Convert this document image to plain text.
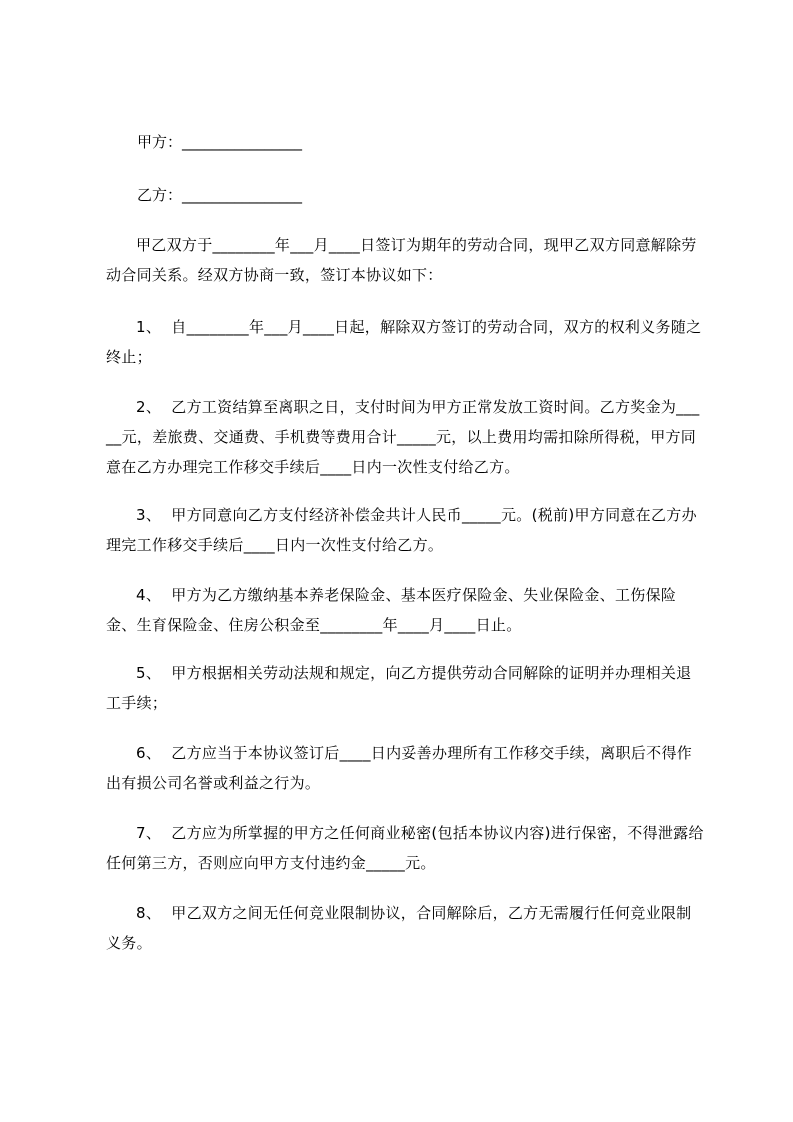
甲方：________________
乙方：________________
甲乙双方于________年___月____日签订为期年的劳动合同，现甲乙双方同意解除劳动合同关系。经双方协商一致，签订本协议如下：
1、  自________年___月____日起，解除双方签订的劳动合同，双方的权利义务随之终止；
2、  乙方工资结算至离职之日，支付时间为甲方正常发放工资时间。乙方奖金为_____元，差旅费、交通费、手机费等费用合计_____元，以上费用均需扣除所得税，甲方同意在乙方办理完工作移交手续后____日内一次性支付给乙方。
3、  甲方同意向乙方支付经济补偿金共计人民币_____元。(税前)甲方同意在乙方办理完工作移交手续后____日内一次性支付给乙方。
4、  甲方为乙方缴纳基本养老保险金、基本医疗保险金、失业保险金、工伤保险金、生育保险金、住房公积金至________年____月____日止。
5、  甲方根据相关劳动法规和规定，向乙方提供劳动合同解除的证明并办理相关退工手续；
6、  乙方应当于本协议签订后____日内妥善办理所有工作移交手续，离职后不得作出有损公司名誉或利益之行为。
7、  乙方应为所掌握的甲方之任何商业秘密(包括本协议内容)进行保密，不得泄露给任何第三方，否则应向甲方支付违约金_____元。
8、  甲乙双方之间无任何竞业限制协议，合同解除后，乙方无需履行任何竞业限制义务。
